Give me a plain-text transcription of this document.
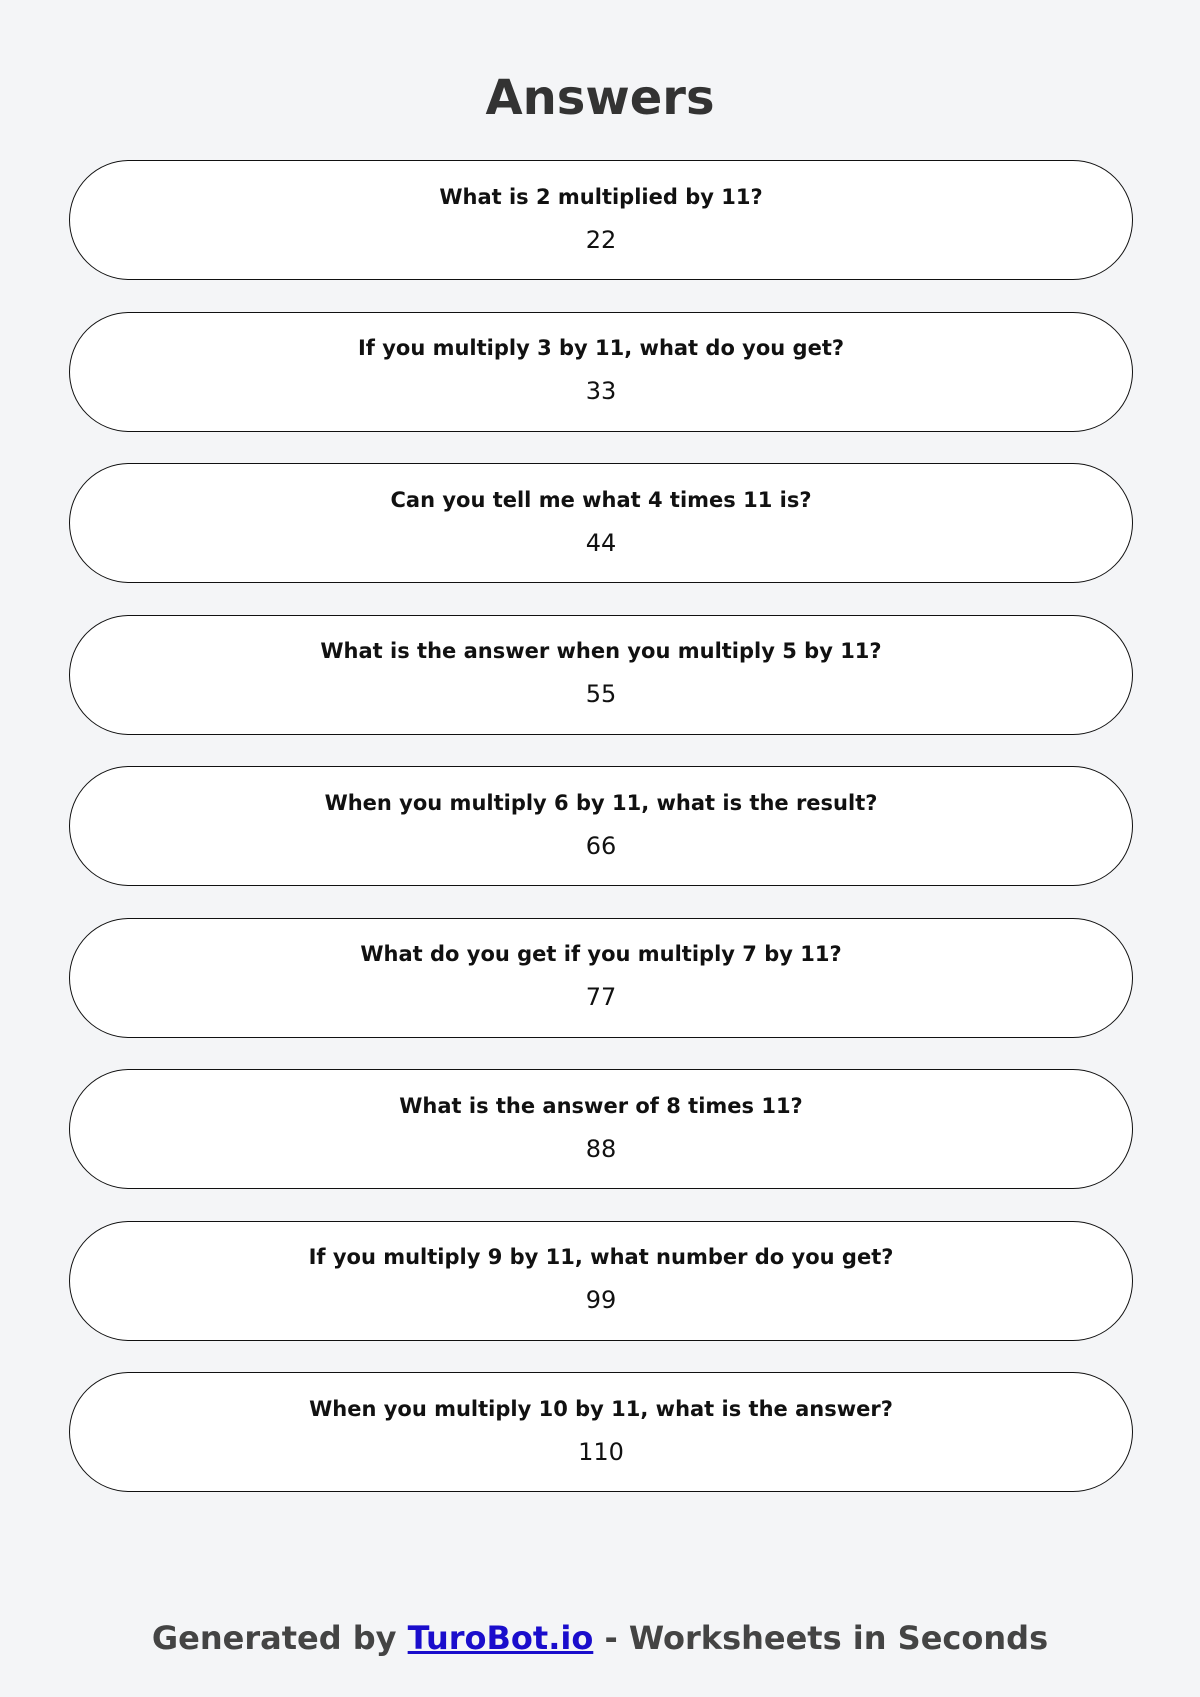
Answers
What is 2 multiplied by 11?
22
If you multiply 3 by 11, what do you get?
33
Can you tell me what 4 times 11 is?
44
What is the answer when you multiply 5 by 11?
55
When you multiply 6 by 11, what is the result?
66
What do you get if you multiply 7 by 11?
77
What is the answer of 8 times 11?
88
If you multiply 9 by 11, what number do you get?
99
When you multiply 10 by 11, what is the answer?
110
Generated by TuroBot.io - Worksheets in Seconds
